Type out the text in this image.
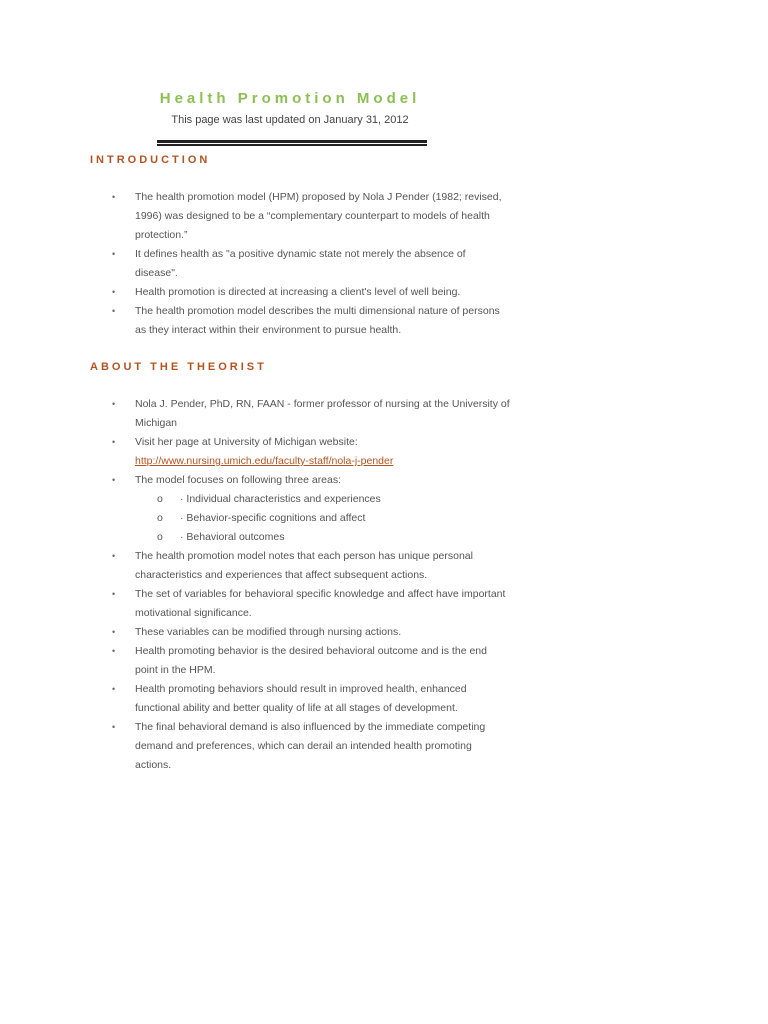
Health Promotion Model
This page was last updated on January 31, 2012
INTRODUCTION
• The health promotion model (HPM) proposed by Nola J Pender (1982; revised, 1996) was designed to be a “complementary counterpart to models of health protection.”
• It defines health as "a positive dynamic state not merely the absence of disease".
• Health promotion is directed at increasing a client's level of well being.
• The health promotion model describes the multi dimensional nature of persons as they interact within their environment to pursue health.
ABOUT THE THEORIST
• Nola J. Pender, PhD, RN, FAAN - former professor of nursing at the University of Michigan
• Visit her page at University of Michigan website: http://www.nursing.umich.edu/faculty-staff/nola-j-pender
• The model focuses on following three areas:
o · Individual characteristics and experiences
o · Behavior-specific cognitions and affect
o · Behavioral outcomes
• The health promotion model notes that each person has unique personal characteristics and experiences that affect subsequent actions.
• The set of variables for behavioral specific knowledge and affect have important motivational significance.
• These variables can be modified through nursing actions.
• Health promoting behavior is the desired behavioral outcome and is the end point in the HPM.
• Health promoting behaviors should result in improved health, enhanced functional ability and better quality of life at all stages of development.
• The final behavioral demand is also influenced by the immediate competing demand and preferences, which can derail an intended health promoting actions.
